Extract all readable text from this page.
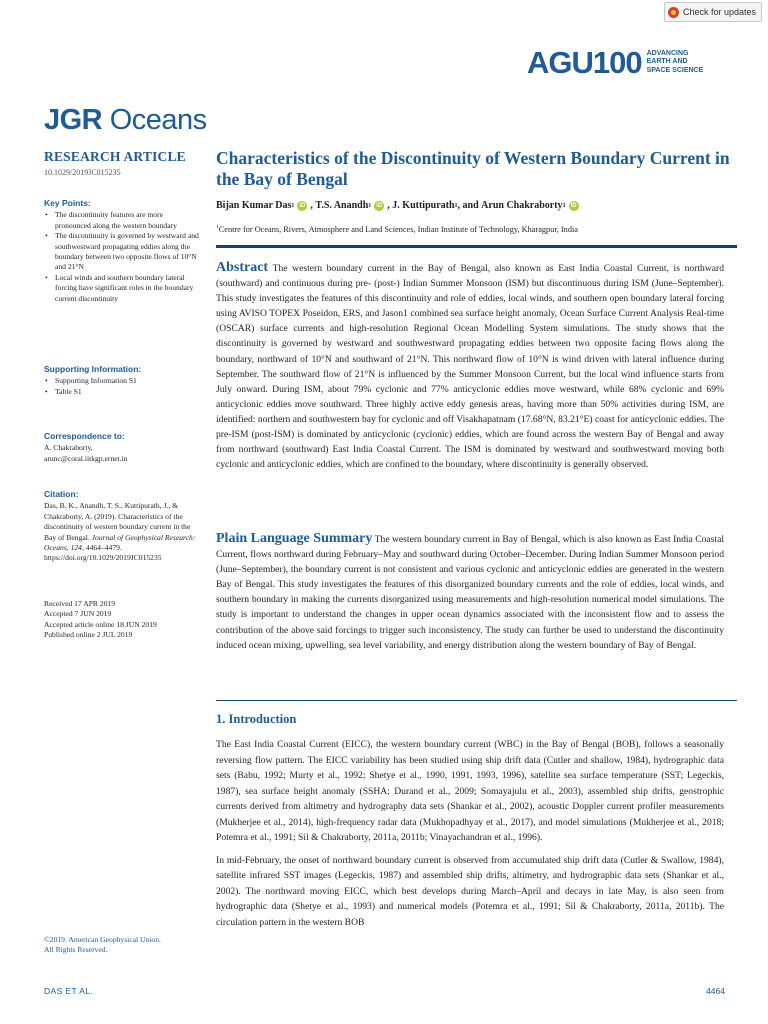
Check for updates
AGU100 ADVANCING
EARTH AND
SPACE SCIENCE
JGR Oceans
RESEARCH ARTICLE
10.1029/2019JC015235
Key Points:
• The discontinuity features are more pronounced along the western boundary
• The discontinuity is governed by westward and southwestward propagating eddies along the boundary between two opposite flows of 10°N and 21°N
• Local winds and southern boundary lateral forcing have significant roles in the boundary current discontinuity
Supporting Information:
• Supporting Information S1
• Table S1
Correspondence to:
A. Chakraborty,
arunc@coral.iitkgp.ernet.in
Citation:
Das, B. K., Anandh, T. S., Kuttipurath, J., & Chakraborty, A. (2019). Characteristics of the discontinuity of western boundary current in the Bay of Bengal. Journal of Geophysical Research: Oceans, 124, 4464–4479. https://doi.org/10.1029/2019JC015235
Received 17 APR 2019
Accepted 7 JUN 2019
Accepted article online 18 JUN 2019
Published online 2 JUL 2019
©2019. American Geophysical Union.
All Rights Reserved.
Characteristics of the Discontinuity of Western Boundary Current in the Bay of Bengal
Bijan Kumar Das 1 iD ,
T.S. Anandh 1 iD ,
J. Kuttipurath 1 , and
Arun Chakraborty 1 iD
$^1$Centre for Oceans, Rivers, Atmosphere and Land Sciences, Indian Institute of Technology, Kharagpur, India
Abstract The western boundary current in the Bay of Bengal, also known as East India Coastal Current, is northward (southward) and continuous during pre- (post-) Indian Summer Monsoon (ISM) but discontinuous during ISM (June–September). This study investigates the features of this discontinuity and role of eddies, local winds, and southern open boundary lateral forcing using AVISO TOPEX Poseidon, ERS, and Jason1 combined sea surface height anomaly, Ocean Surface Current Analysis Real-time (OSCAR) surface currents and high-resolution Regional Ocean Modelling System simulations. The study shows that the discontinuity is governed by westward and southwestward propagating eddies between two opposite facing flows along the boundary, northward of 10°N and southward of 21°N. This northward flow of 10°N is wind driven with lateral influence during September. The southward flow of 21°N is influenced by the Summer Monsoon Current, but the local wind influence starts from July onward. During ISM, about 79% cyclonic and 77% anticyclonic eddies move westward, while 68% cyclonic and 69% anticyclonic eddies move southward. Three highly active eddy genesis areas, having more than 50% activities during ISM, are identified: northern and southwestern bay for cyclonic and off Visakhapatnam (17.68°N, 83.21°E) coast for anticyclonic eddies. The pre-ISM (post-ISM) is dominated by anticyclonic (cyclonic) eddies, which are found across the western Bay of Bengal and away from northward (southward) East India Coastal Current. The ISM is dominated by westward and southwestward moving both cyclonic and anticyclonic eddies, which are confined to the boundary, where discontinuity is generally observed.
Plain Language Summary The western boundary current in Bay of Bengal, which is also known as East India Coastal Current, flows northward during February–May and southward during October–December. During Indian Summer Monsoon period (June–September), the boundary current is not consistent and various cyclonic and anticyclonic eddies are generated in the western Bay of Bengal. This study investigates the features of this disorganized boundary currents and the role of eddies, local winds, and southern boundary in making the currents disorganized using measurements and high-resolution numerical model simulations. The study is important to understand the changes in upper ocean dynamics associated with the inconsistent flow and to assess the contribution of the above said forcings to trigger such inconsistency. The study can further be used to understand the discontinuity induced ocean mixing, upwelling, sea level variability, and energy distribution along the western boundary of Bay of Bengal.
1. Introduction

The East India Coastal Current (EICC), the western boundary current (WBC) in the Bay of Bengal (BOB), follows a seasonally reversing flow pattern. The EICC variability has been studied using ship drift data (Cutler and shallow, 1984), hydrographic data sets (Babu, 1992; Murty et al., 1992; Shetye et al., 1990, 1991, 1993, 1996), satellite sea surface temperature (SST; Legeckis, 1987), sea surface height anomaly (SSHA; Durand et al., 2009; Somayajulu et al., 2003), assembled ship drifts, geostrophic currents derived from altimetry and hydrography data sets (Shankar et al., 2002), acoustic Doppler current profiler measurements (Mukherjee et al., 2014), high-frequency radar data (Mukhopadhyay et al., 2017), and model simulations (Mukherjee et al., 2018; Potemra et al., 1991; Sil & Chakraborty, 2011a, 2011b; Vinayachandran et al., 1996).

In mid-February, the onset of northward boundary current is observed from accumulated ship drift data (Cutler & Swallow, 1984), satellite infrared SST images (Legeckis, 1987) and assembled ship drifts, altimetry, and hydrographic data sets (Shankar et al., 2002). The northward moving EICC, which best develops during March–April and decays in late May, is also seen from hydrographic data (Shetye et al., 1993) and numerical models (Potemra et al., 1991; Sil & Chakraborty, 2011a, 2011b). The circulation pattern in the western BOB

DAS ET AL.	4464
